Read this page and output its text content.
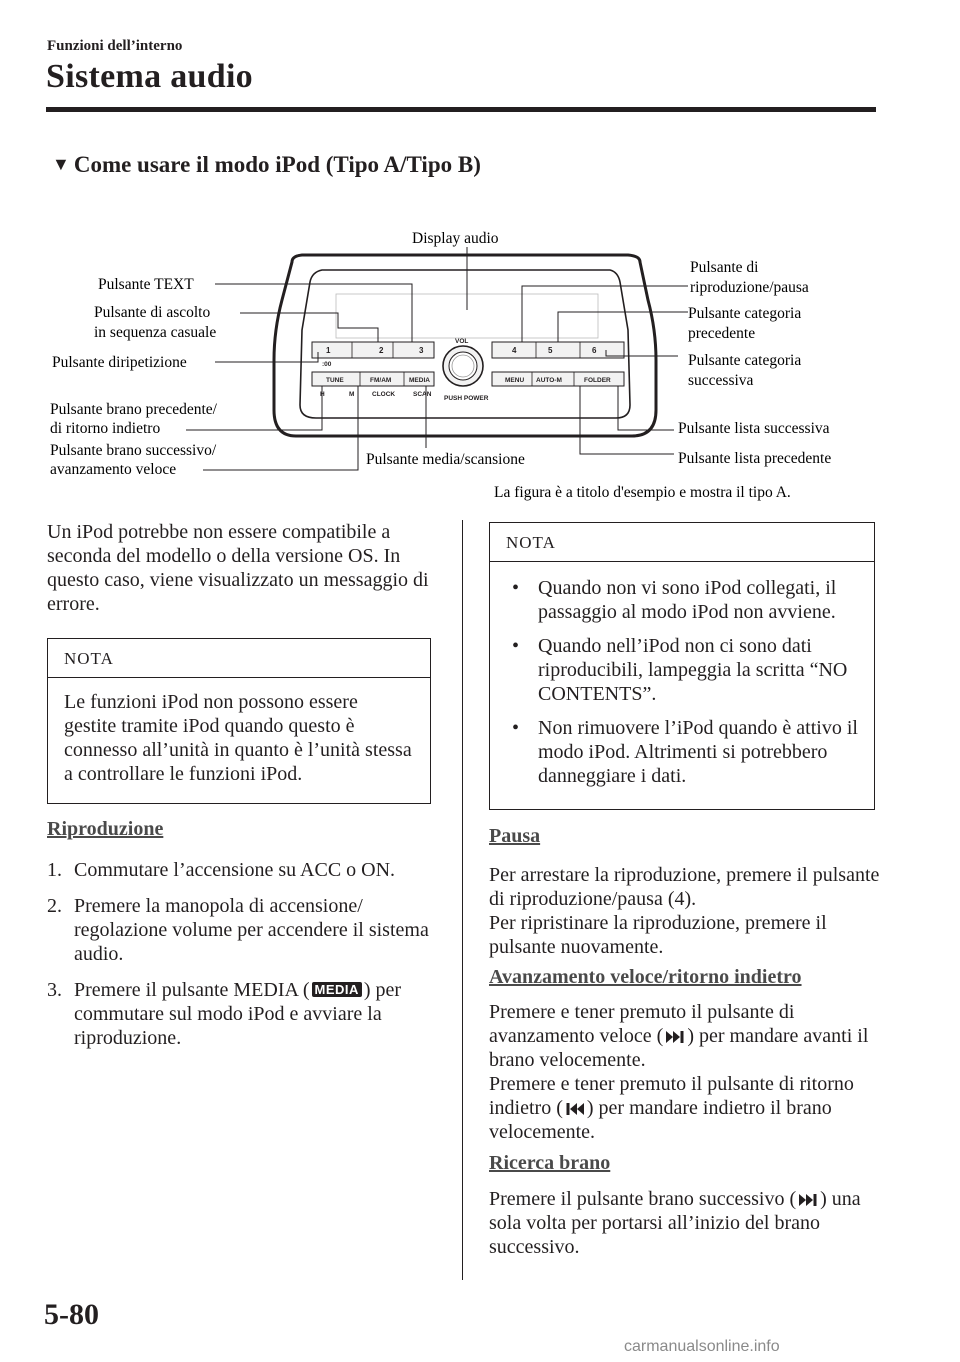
Funzioni dell’interno
Sistema audio
▼ Come usare il modo iPod (Tipo A/Tipo B)
1
:00
2	3	4	5	6
TUNE	FM/AM	MEDIA	MENU AUTO-M	FOLDER
H	M	CLOCK	SCAN
VOL
PUSH POWER
Display audio
Pulsante TEXT
Pulsante di ascolto
in sequenza casuale
Pulsante diripetizione
Pulsante brano precedente/
di ritorno indietro
Pulsante brano successivo/
avanzamento veloce
Pulsante media/scansione
Pulsante di
riproduzione/pausa
Pulsante categoria
precedente
Pulsante categoria
successiva
Pulsante lista successiva
Pulsante lista precedente
La figura è a titolo d'esempio e mostra il tipo A.
Un iPod potrebbe non essere compatibile a seconda del modello o della versione OS. In questo caso, viene visualizzato un messaggio di errore.
NOTA
Le funzioni iPod non possono essere gestite tramite iPod quando questo è connesso all’unità in quanto è l’unità stessa a controllare le funzioni iPod.
Riproduzione
1. Commutare l’accensione su ACC o ON.
2. Premere la manopola di accensione/ regolazione volume per accendere il sistema audio.
3. Premere il pulsante MEDIA ( MEDIA ) per commutare sul modo iPod e avviare la riproduzione.
NOTA
• Quando non vi sono iPod collegati, il passaggio al modo iPod non avviene.
• Quando nell’iPod non ci sono dati riproducibili, lampeggia la scritta “NO CONTENTS”.
• Non rimuovere l’iPod quando è attivo il modo iPod. Altrimenti si potrebbero danneggiare i dati.
Pausa
Per arrestare la riproduzione, premere il pulsante di riproduzione/pausa (4).
Per ripristinare la riproduzione, premere il pulsante nuovamente.
Avanzamento veloce/ritorno indietro
Premere e tener premuto il pulsante di avanzamento veloce ( ) per mandare avanti il brano velocemente.
Premere e tener premuto il pulsante di ritorno indietro ( ) per mandare indietro il brano velocemente.
Ricerca brano
Premere il pulsante brano successivo ( ) una sola volta per portarsi all’inizio del brano successivo.
5-80
carmanualsonline.info
